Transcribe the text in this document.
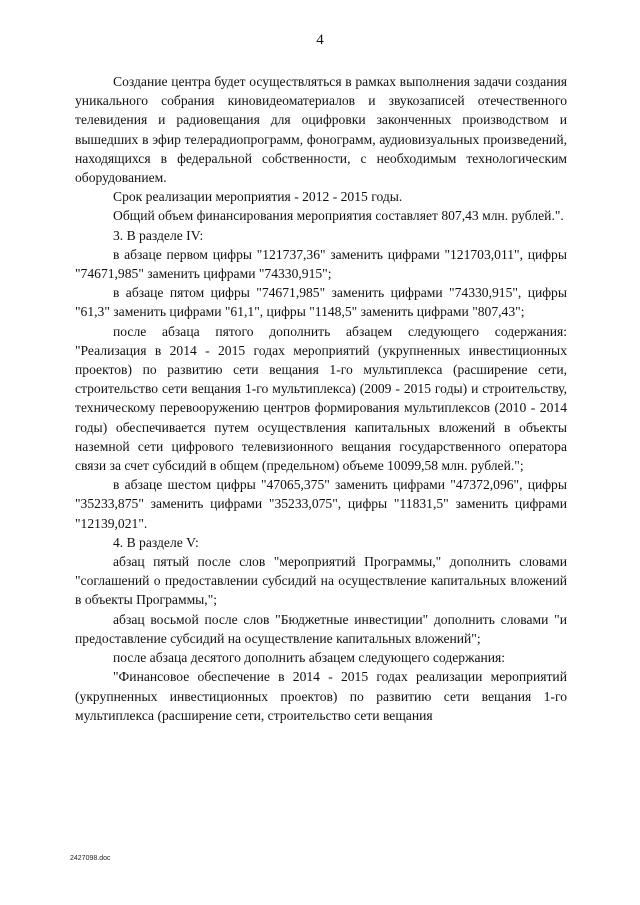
4

Создание центра будет осуществляться в рамках выполнения задачи создания уникального собрания киновидеоматериалов и звукозаписей отечественного телевидения и радиовещания для оцифровки законченных производством и вышедших в эфир телерадиопрограмм, фонограмм, аудиовизуальных произведений, находящихся в федеральной собственности, с необходимым технологическим оборудованием.

Срок реализации мероприятия - 2012 - 2015 годы.

Общий объем финансирования мероприятия составляет 807,43 млн. рублей.".

3. В разделе IV:

в абзаце первом цифры "121737,36" заменить цифрами "121703,011", цифры "74671,985" заменить цифрами "74330,915";

в абзаце пятом цифры "74671,985" заменить цифрами "74330,915", цифры "61,3" заменить цифрами "61,1", цифры "1148,5" заменить цифрами "807,43";

после абзаца пятого дополнить абзацем следующего содержания: "Реализация в 2014 - 2015 годах мероприятий (укрупненных инвестиционных проектов) по развитию сети вещания 1-го мультиплекса (расширение сети, строительство сети вещания 1-го мультиплекса) (2009 - 2015 годы) и строительству, техническому перевооружению центров формирования мультиплексов (2010 - 2014 годы) обеспечивается путем осуществления капитальных вложений в объекты наземной сети цифрового телевизионного вещания государственного оператора связи за счет субсидий в общем (предельном) объеме 10099,58 млн. рублей.";

в абзаце шестом цифры "47065,375" заменить цифрами "47372,096", цифры "35233,875" заменить цифрами "35233,075", цифры "11831,5" заменить цифрами "12139,021".

4. В разделе V:

абзац пятый после слов "мероприятий Программы," дополнить словами "соглашений о предоставлении субсидий на осуществление капитальных вложений в объекты Программы,";

абзац восьмой после слов "Бюджетные инвестиции" дополнить словами "и предоставление субсидий на осуществление капитальных вложений";

после абзаца десятого дополнить абзацем следующего содержания:

"Финансовое обеспечение в 2014 - 2015 годах реализации мероприятий (укрупненных инвестиционных проектов) по развитию сети вещания 1-го мультиплекса (расширение сети, строительство сети вещания

2427098.doc
